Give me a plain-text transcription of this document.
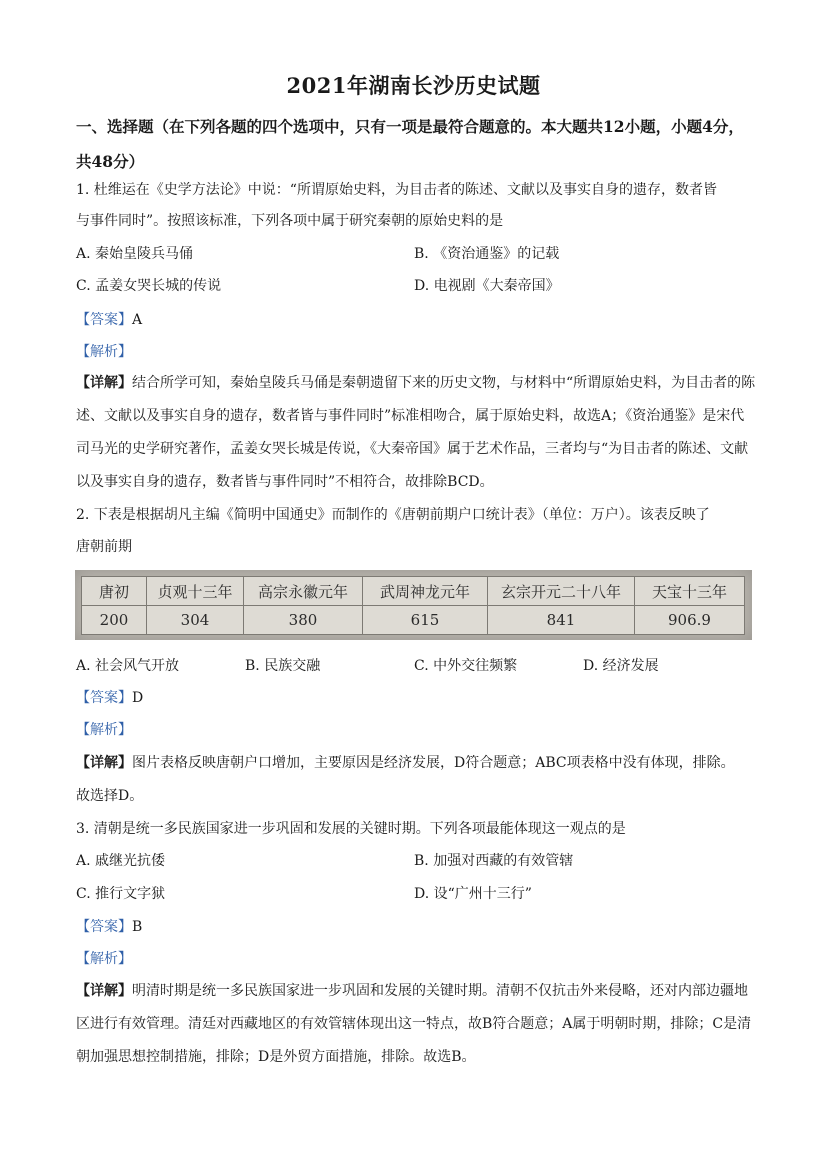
2021年湖南长沙历史试题
一、选择题（在下列各题的四个选项中，只有一项是最符合题意的。本大题共12小题，小题4分，共48分）
1. 杜维运在《史学方法论》中说：“所谓原始史料，为目击者的陈述、文献以及事实自身的遗存，数者皆
与事件同时”。按照该标准，下列各项中属于研究秦朝的原始史料的是
A. 秦始皇陵兵马俑	B. 《资治通鉴》的记载
C. 孟姜女哭长城的传说	D. 电视剧《大秦帝国》
【答案】A
【解析】
【详解】结合所学可知，秦始皇陵兵马俑是秦朝遗留下来的历史文物，与材料中“所谓原始史料，为目击者的陈述、文献以及事实自身的遗存，数者皆与事件同时”标准相吻合，属于原始史料，故选A；《资治通鉴》是宋代司马光的史学研究著作，孟姜女哭长城是传说，《大秦帝国》属于艺术作品，三者均与“为目击者的陈述、文献以及事实自身的遗存，数者皆与事件同时”不相符合，故排除BCD。
2. 下表是根据胡凡主编《简明中国通史》而制作的《唐朝前期户口统计表》（单位：万户）。该表反映了
唐朝前期
唐初	贞观十三年	高宗永徽元年	武周神龙元年	玄宗开元二十八年	天宝十三年
200	304	380	615	841	906.9
A. 社会风气开放	B. 民族交融	C. 中外交往频繁	D. 经济发展
【答案】D
【解析】
【详解】图片表格反映唐朝户口增加，主要原因是经济发展，D符合题意；ABC项表格中没有体现，排除。
故选择D。
3. 清朝是统一多民族国家进一步巩固和发展的关键时期。下列各项最能体现这一观点的是
A. 戚继光抗倭	B. 加强对西藏的有效管辖
C. 推行文字狱	D. 设“广州十三行”
【答案】B
【解析】
【详解】明清时期是统一多民族国家进一步巩固和发展的关键时期。清朝不仅抗击外来侵略，还对内部边疆地区进行有效管理。清廷对西藏地区的有效管辖体现出这一特点，故B符合题意；A属于明朝时期，排除；C是清朝加强思想控制措施，排除；D是外贸方面措施，排除。故选B。
